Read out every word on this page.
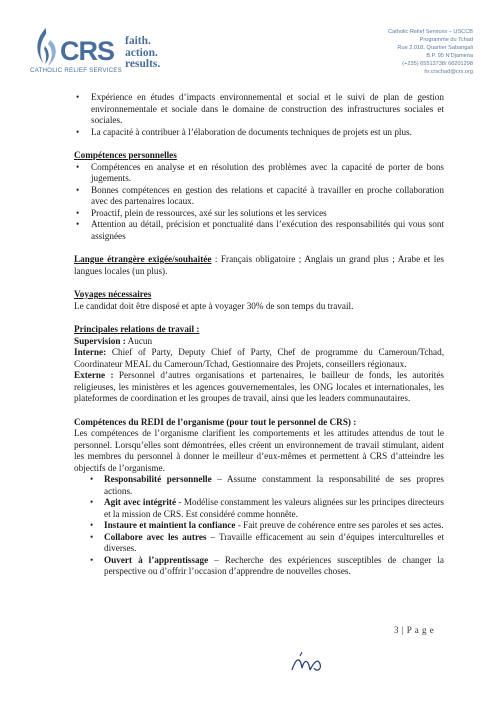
CRS faith.
action.
results.
CATHOLIC RELIEF SERVICES
Catholic Relief Services – USCCB
Programme du Tchad
Rue 2.018, Quartier Sabangali
B.P. 95 N'Djamena
(+235) 65513738/ 66201298
hr.crschad@crs.org
• Expérience en études d’impacts environnemental et social et le suivi de plan de gestion environnementale et sociale dans le domaine de construction des infrastructures sociales et sociales.
• La capacité à contribuer à l’élaboration de documents techniques de projets est un plus.

Compétences personnelles

• Compétences en analyse et en résolution des problèmes avec la capacité de porter de bons jugements.
• Bonnes compétences en gestion des relations et capacité à travailler en proche collaboration avec des partenaires locaux.
• Proactif, plein de ressources, axé sur les solutions et les services
• Attention au détail, précision et ponctualité dans l’exécution des responsabilités qui vous sont assignées

Langue étrangère exigée/souhaitée : Français obligatoire ; Anglais un grand plus ; Arabe et les langues locales (un plus).

Voyages nécessaires

Le candidat doit être disposé et apte à voyager 30% de son temps du travail.

Principales relations de travail :

Supervision : Aucun

Interne: Chief of Party, Deputy Chief of Party, Chef de programme du Cameroun/Tchad, Coordinateur MEAL du Cameroun/Tchad, Gestionnaire des Projets, conseillers régionaux.

Externe : Personnel d’autres organisations et partenaires, le bailleur de fonds, les autorités religieuses, les ministères et les agences gouvernementales, les ONG locales et internationales, les plateformes de coordination et les groupes de travail, ainsi que les leaders communautaires.

Compétences du REDI de l’organisme (pour tout le personnel de CRS) :

Les compétences de l’organisme clarifient les comportements et les attitudes attendus de tout le personnel. Lorsqu’elles sont démontrées, elles créent un environnement de travail stimulant, aident les membres du personnel à donner le meilleur d’eux-mêmes et permettent à CRS d’atteindre les objectifs de l’organisme.

• Responsabilité personnelle – Assume constamment la responsabilité de ses propres actions.
• Agit avec intégrité - Modélise constamment les valeurs alignées sur les principes directeurs et la mission de CRS. Est considéré comme honnête.
• Instaure et maintient la confiance - Fait preuve de cohérence entre ses paroles et ses actes.
• Collabore avec les autres – Travaille efficacement au sein d’équipes interculturelles et diverses.
• Ouvert à l’apprentissage – Recherche des expériences susceptibles de changer la perspective ou d’offrir l’occasion d’apprendre de nouvelles choses.
3 | P a g e
